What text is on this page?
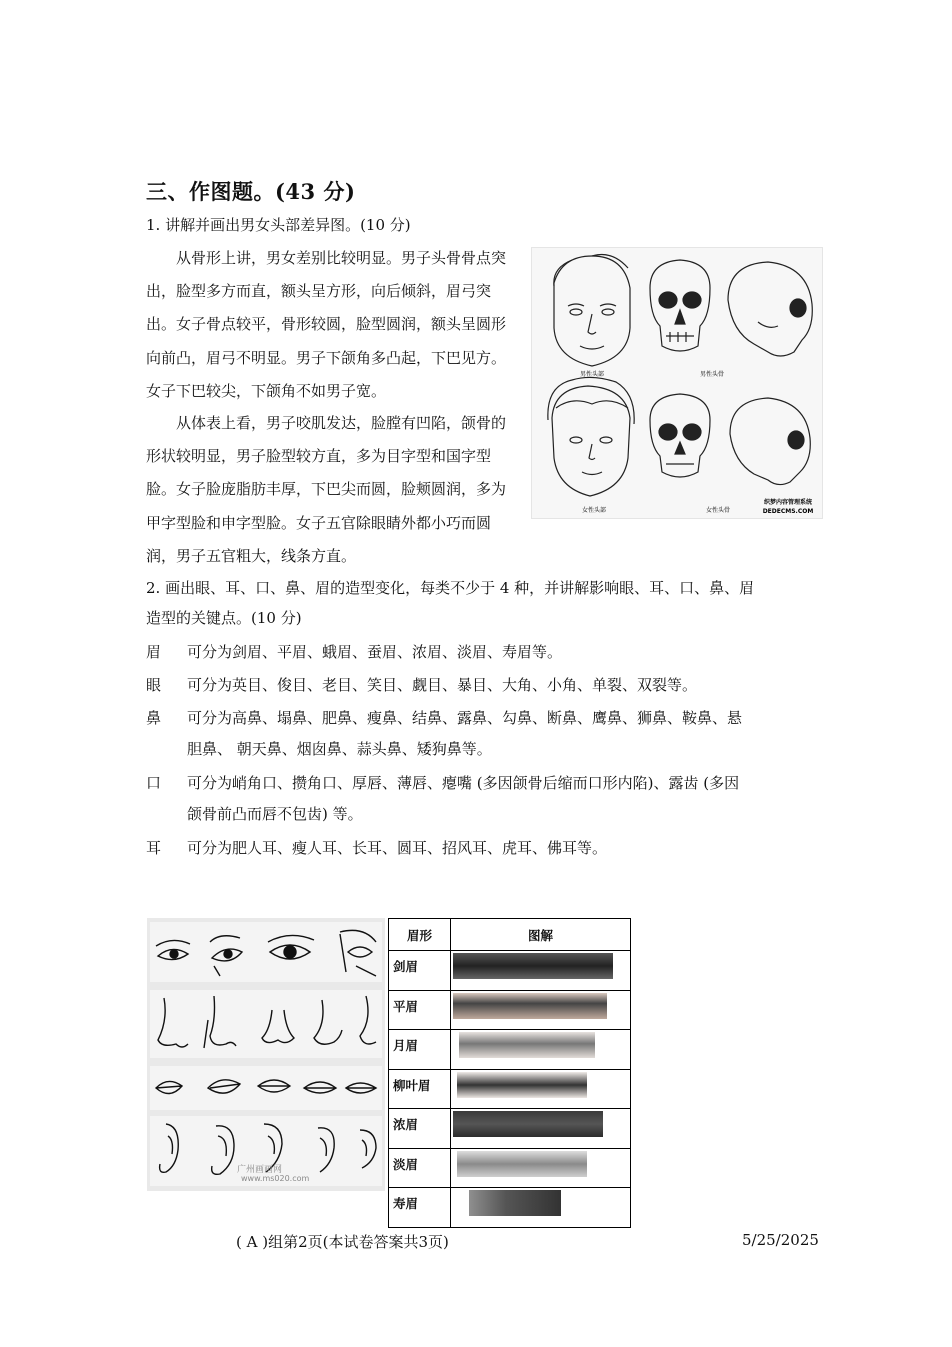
三、作图题。(43 分)
1. 讲解并画出男女头部差异图。(10 分)

从骨形上讲，男女差别比较明显。男子头骨骨点突出，脸型多方而直，额头呈方形，向后倾斜，眉弓突出。女子骨点较平，骨形较圆，脸型圆润，额头呈圆形向前凸，眉弓不明显。男子下颌角多凸起，下巴见方。女子下巴较尖，下颌角不如男子宽。

从体表上看，男子咬肌发达，脸膛有凹陷，颌骨的形状较明显，男子脸型较方直，多为目字型和国字型脸。女子脸庞脂肪丰厚，下巴尖而圆，脸颊圆润，多为甲字型脸和申字型脸。女子五官除眼睛外都小巧而圆润，男子五官粗大，线条方直。

男性头部	男性头骨
女性头部	女性头骨
织梦内容管理系统
DEDECMS.COM
2. 画出眼、耳、口、鼻、眉的造型变化，每类不少于 4 种，并讲解影响眼、耳、口、鼻、眉
造型的关键点。(10 分)
眉 可分为剑眉、平眉、蛾眉、蚕眉、浓眉、淡眉、寿眉等。
眼 可分为英目、俊目、老目、笑目、觑目、暴目、大角、小角、单裂、双裂等。
鼻 可分为高鼻、塌鼻、肥鼻、瘦鼻、结鼻、露鼻、勾鼻、断鼻、鹰鼻、狮鼻、鞍鼻、悬
胆鼻、 朝天鼻、烟囱鼻、蒜头鼻、矮狗鼻等。
口 可分为峭角口、攒角口、厚唇、薄唇、瘪嘴 (多因颌骨后缩而口形内陷)、露齿 (多因
颌骨前凸而唇不包齿) 等。
耳 可分为肥人耳、瘦人耳、长耳、圆耳、招风耳、虎耳、佛耳等。
广州画画网
www.ms020.com
眉形	图解
剑眉	

平眉	

月眉	

柳叶眉	

浓眉	

淡眉	

寿眉	
( A )组第2页(本试卷答案共3页)	5/25/2025
